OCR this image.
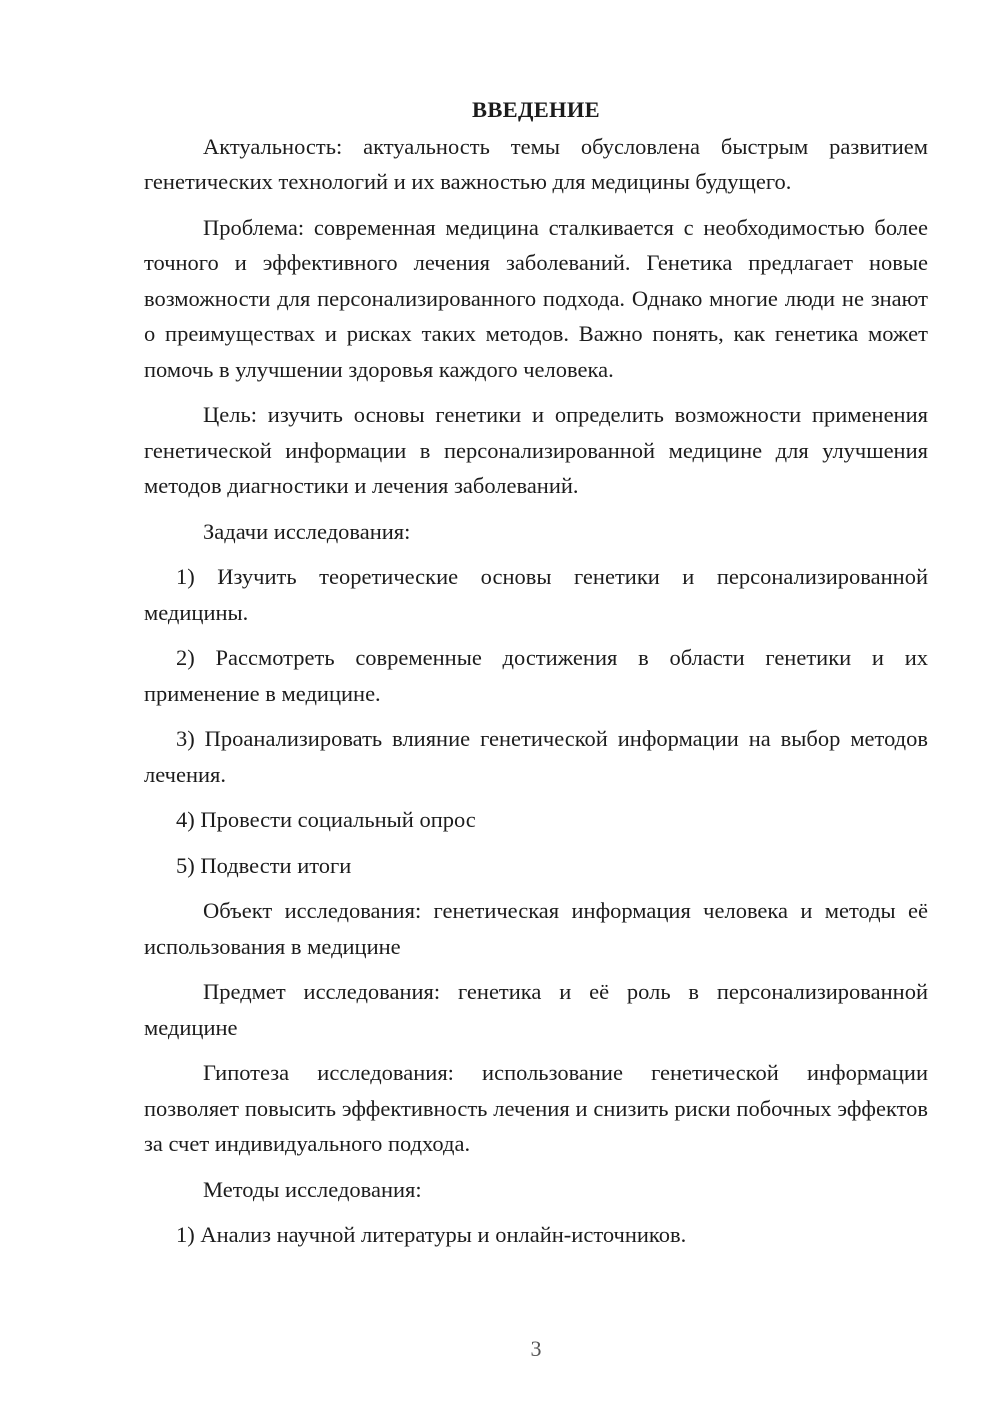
ВВЕДЕНИЕ

Актуальность: актуальность темы обусловлена быстрым развитием генетических технологий и их важностью для медицины будущего.

Проблема: современная медицина сталкивается с необходимостью более точного и эффективного лечения заболеваний. Генетика предлагает новые возможности для персонализированного подхода. Однако многие люди не знают о преимуществах и рисках таких методов. Важно понять, как генетика может помочь в улучшении здоровья каждого человека.

Цель: изучить основы генетики и определить возможности применения генетической информации в персонализированной медицине для улучшения методов диагностики и лечения заболеваний.

Задачи исследования:

1) Изучить теоретические основы генетики и персонализированной медицины.

2) Рассмотреть современные достижения в области генетики и их применение в медицине.

3) Проанализировать влияние генетической информации на выбор методов лечения.

4) Провести социальный опрос

5) Подвести итоги

Объект исследования: генетическая информация человека и методы её использования в медицине

Предмет исследования: генетика и её роль в персонализированной медицине

Гипотеза исследования: использование генетической информации позволяет повысить эффективность лечения и снизить риски побочных эффектов за счет индивидуального подхода.

Методы исследования:

1) Анализ научной литературы и онлайн-источников.

3
